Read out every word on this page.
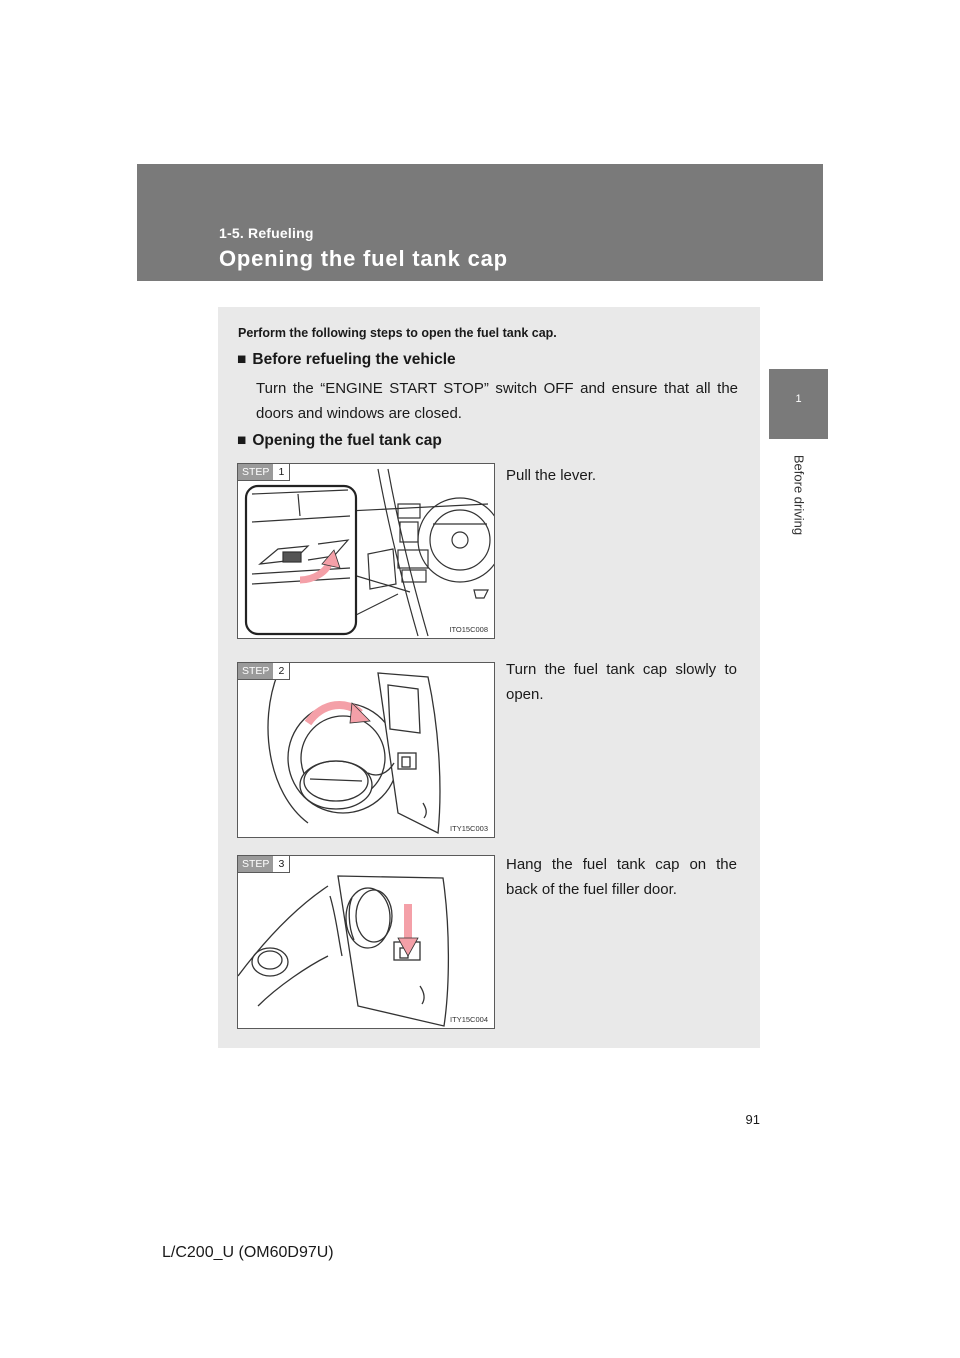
1-5. Refueling
Opening the fuel tank cap
1
Before driving
Perform the following steps to open the fuel tank cap.
■ Before refueling the vehicle
Turn the “ENGINE START STOP” switch OFF and ensure that all the doors and windows are closed.
■ Opening the fuel tank cap
STEP 1
ITO15C008
Pull the lever.
STEP 2
ITY15C003
Turn the fuel tank cap slowly to open.
STEP 3
ITY15C004
Hang the fuel tank cap on the back of the fuel filler door.
91
L/C200_U (OM60D97U)
